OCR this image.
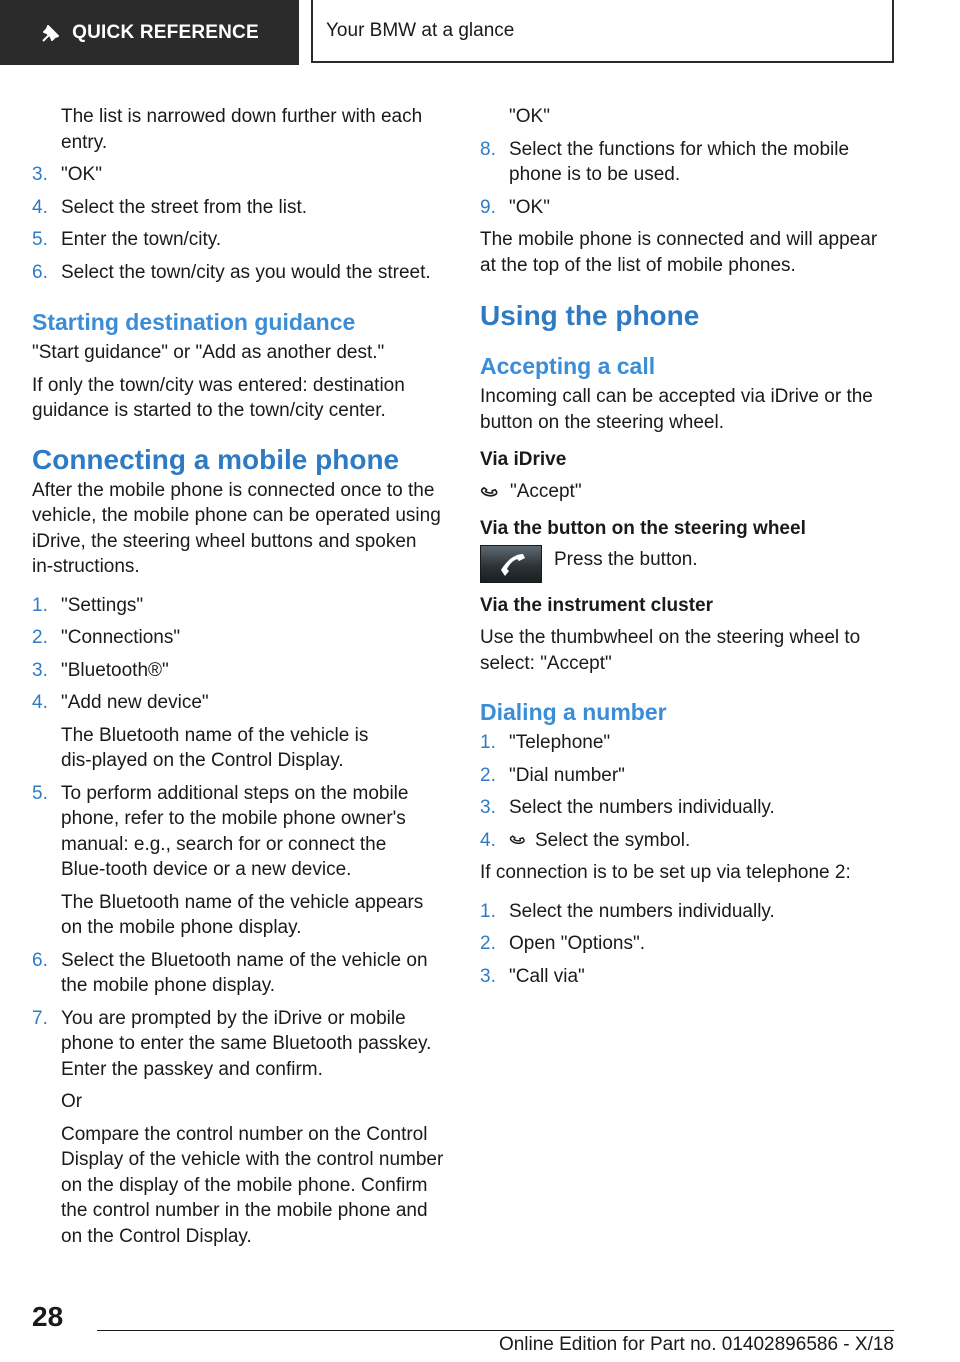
QUICK REFERENCE	Your BMW at a glance

The list is narrowed down further with each entry.

3. "OK"
4. Select the street from the list.
5. Enter the town/city.
6. Select the town/city as you would the street.

Starting destination guidance

"Start guidance" or "Add as another dest."

If only the town/city was entered: destination guidance is started to the town/city center.

Connecting a mobile phone

After the mobile phone is connected once to the vehicle, the mobile phone can be operated using iDrive, the steering wheel buttons and spoken in‑structions.

1. "Settings"
2. "Connections"
3. "Bluetooth®"
4. "Add new device"

The Bluetooth name of the vehicle is dis‑played on the Control Display.

5. To perform additional steps on the mobile phone, refer to the mobile phone owner's manual: e.g., search for or connect the Blue‑tooth device or a new device.

The Bluetooth name of the vehicle appears on the mobile phone display.

6. Select the Bluetooth name of the vehicle on the mobile phone display.
7. You are prompted by the iDrive or mobile phone to enter the same Bluetooth passkey. Enter the passkey and confirm.

Or

Compare the control number on the Control Display of the vehicle with the control number on the display of the mobile phone. Confirm the control number in the mobile phone and on the Control Display.

"OK"

8. Select the functions for which the mobile phone is to be used.
9. "OK"

The mobile phone is connected and will appear at the top of the list of mobile phones.

Using the phone

Accepting a call

Incoming call can be accepted via iDrive or the button on the steering wheel.

Via iDrive

"Accept"

Via the button on the steering wheel

Press the button.

Via the instrument cluster

Use the thumbwheel on the steering wheel to select: "Accept"

Dialing a number

1. "Telephone"
2. "Dial number"
3. Select the numbers individually.
4. Select the symbol.

If connection is to be set up via telephone 2:

1. Select the numbers individually.
2. Open "Options".
3. "Call via"
28
Online Edition for Part no. 01402896586 - X/18
